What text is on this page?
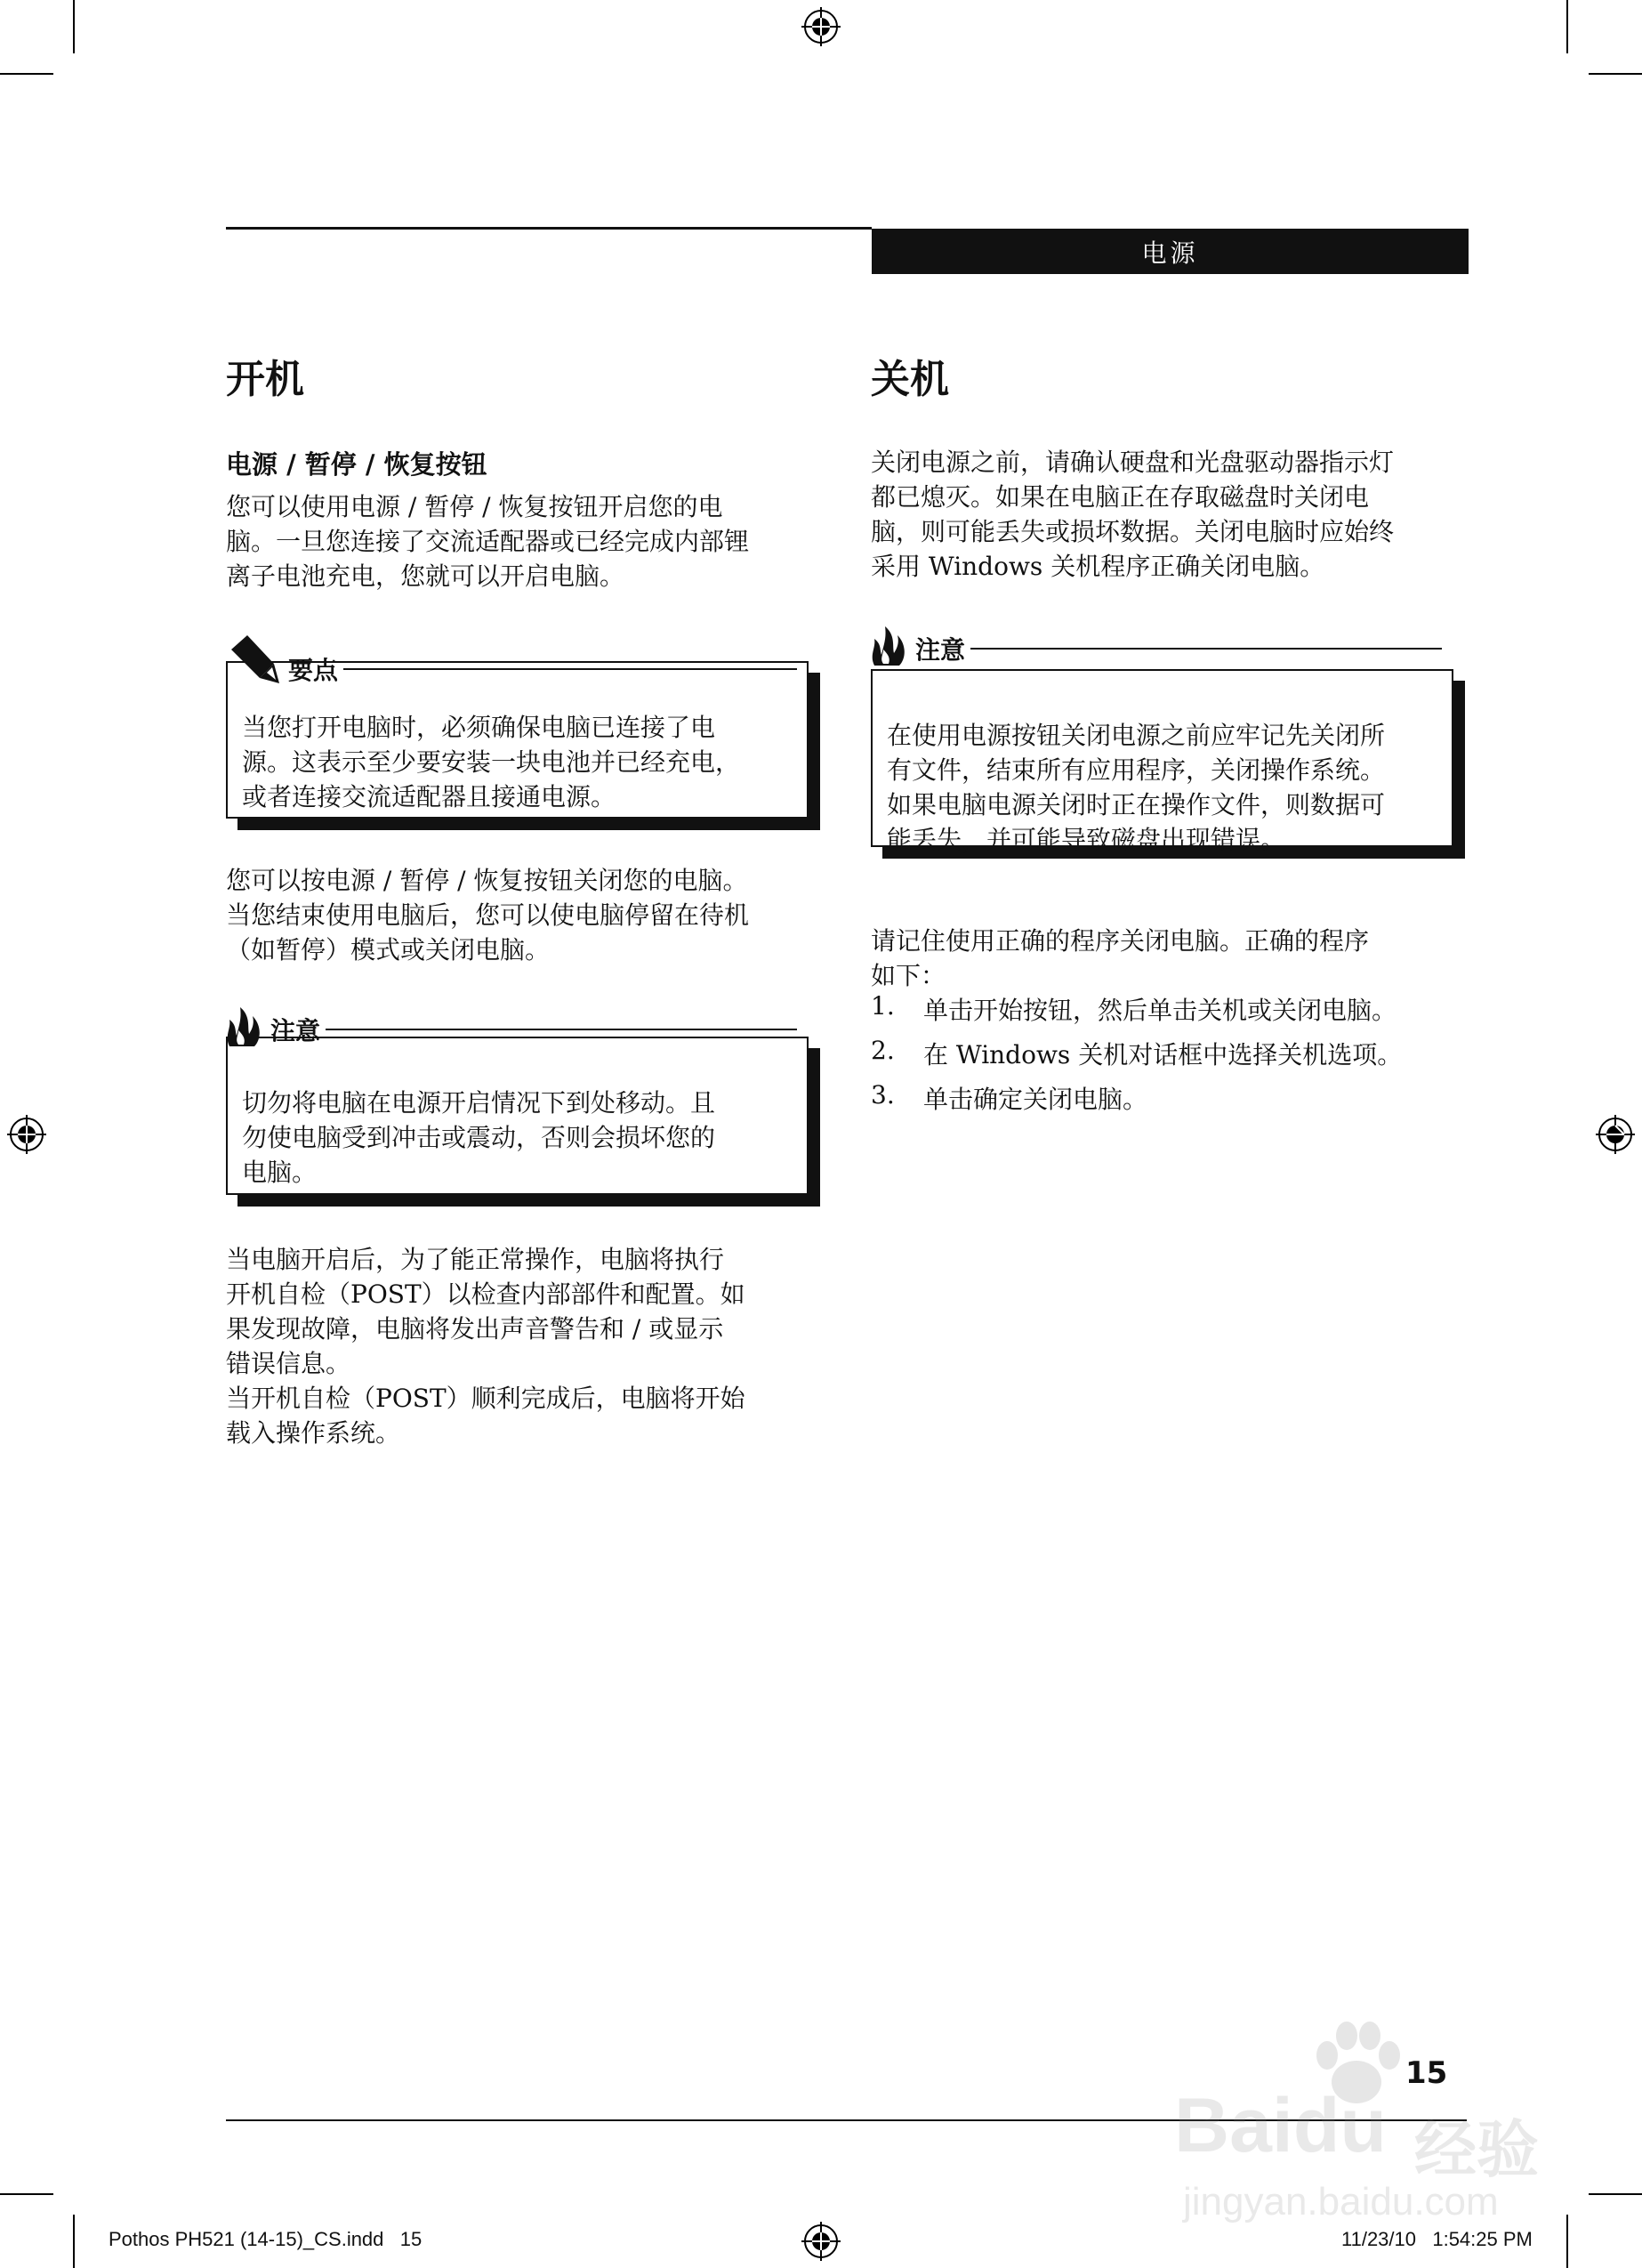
电源
开机
电源 / 暂停 / 恢复按钮
您可以使用电源 / 暂停 / 恢复按钮开启您的电
脑。一旦您连接了交流适配器或已经完成内部锂
离子电池充电，您就可以开启电脑。

当您打开电脑时，必须确保电脑已连接了电
源。这表示至少要安装一块电池并已经充电，
或者连接交流适配器且接通电源。

要点
您可以按电源 / 暂停 / 恢复按钮关闭您的电脑。
当您结束使用电脑后，您可以使电脑停留在待机
（如暂停）模式或关闭电脑。

切勿将电脑在电源开启情况下到处移动。且
勿使电脑受到冲击或震动，否则会损坏您的
电脑。

注意
当电脑开启后，为了能正常操作，电脑将执行
开机自检（POST）以检查内部部件和配置。如
果发现故障，电脑将发出声音警告和 / 或显示
错误信息。
当开机自检（POST）顺利完成后，电脑将开始
载入操作系统。
关机
关闭电源之前，请确认硬盘和光盘驱动器指示灯
都已熄灭。如果在电脑正在存取磁盘时关闭电
脑，则可能丢失或损坏数据。关闭电脑时应始终
采用 Windows 关机程序正确关闭电脑。

在使用电源按钮关闭电源之前应牢记先关闭所
有文件，结束所有应用程序，关闭操作系统。
如果电脑电源关闭时正在操作文件，则数据可
能丢失，并可能导致磁盘出现错误。

注意
请记住使用正确的程序关闭电脑。正确的程序
如下：
1. 单击开始按钮，然后单击关机或关闭电脑。
2. 在 Windows 关机对话框中选择关机选项。
3. 单击确定关闭电脑。
Baidu 经验
jingyan.baidu.com
15
Pothos PH521 (14-15)_CS.indd   15	11/23/10   1:54:25 PM
